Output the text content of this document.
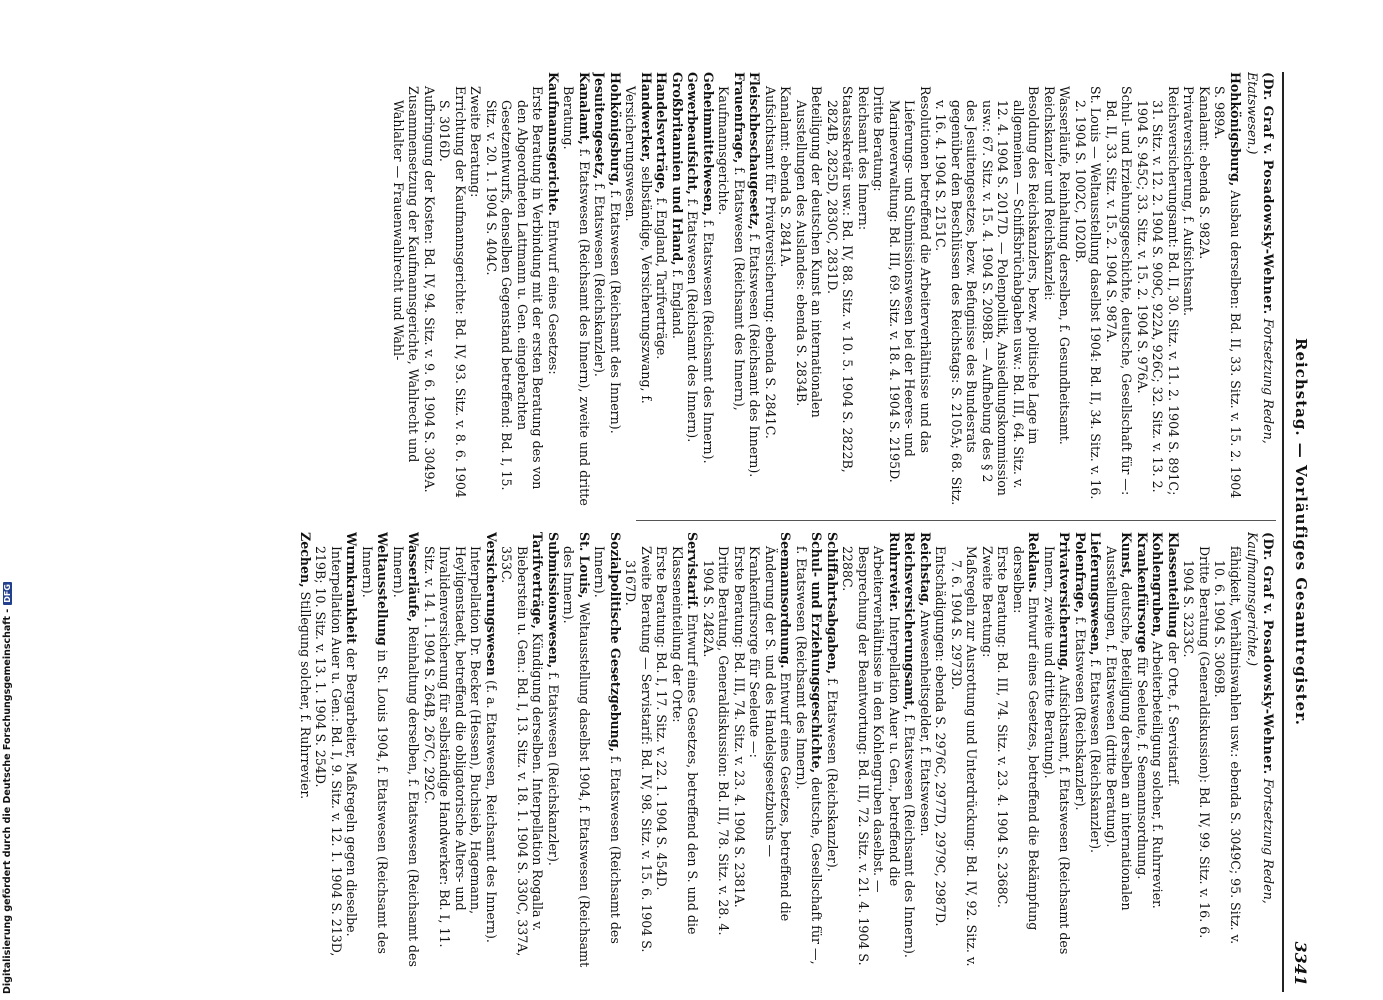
Reichstag. — Vorläufiges Gesamtregister.
3341

(Dr. Graf v. Posadowsky-Wehner. Fortsetzung Reden, Etatswesen.)

Hohkönigsburg, Ausbau derselben: Bd. II, 33. Sitz. v. 15. 2. 1904 S. 989A.

Kanalamt: ebenda S. 982A.

Privatversicherung, f. Aufsichtsamt.

Reichsversicherungsamt: Bd. II, 30. Sitz. v. 11. 2. 1904 S. 891C; 31. Sitz. v. 12. 2. 1904 S. 909C, 922A, 926C; 32. Sitz. v. 13. 2. 1904 S. 945C; 33. Sitz. v. 15. 2. 1904 S. 976A.

Schul- und Erziehungsgeschichte, deutsche, Gesellschaft für —: Bd. II, 33. Sitz. v. 15. 2. 1904 S. 987A.

St. Louis — Weltausstellung daselbst 1904: Bd. II, 34. Sitz. v. 16. 2. 1904 S. 1002C, 1020B.

Wasserläufe, Reinhaltung derselben, f. Gesundheitsamt.

Reichskanzler und Reichskanzlei:

Besoldung des Reichskanzlers, bezw. politische Lage im allgemeinen — Schiffsbrüchabgaben usw.: Bd. III, 64. Sitz. v. 12. 4. 1904 S. 2017D. — Polenpolitik, Ansiedlungskommission usw.: 67. Sitz. v. 15. 4. 1904 S. 2098B. — Aufhebung des § 2 des Jesuitengesetzes, bezw. Befugnisse des Bundesrats gegenüber den Beschlüssen des Reichstags: S. 2105A; 68. Sitz. v. 16. 4. 1904 S. 2151C.

Resolutionen betreffend die Arbeiterverhältnisse und das Lieferungs- und Submissionswesen bei der Heeres- und Marineverwaltung: Bd. III, 69. Sitz. v. 18. 4. 1904 S. 2195D.

Dritte Beratung:

Reichsamt des Innern:

Staatssekretär usw.: Bd. IV, 88. Sitz. v. 10. 5. 1904 S. 2822B, 2824B, 2825D, 2830C, 2831D.

Beteiligung der deutschen Kunst an internationalen Ausstellungen des Auslandes: ebenda S. 2834B.

Kanalamt: ebenda S. 2841A.

Aufsichtsamt für Privatversicherung: ebenda S. 2841C.

Fleischbeschaugesetz, f. Etatswesen (Reichsamt des Innern).

Frauenfrage, f. Etatswesen (Reichsamt des Innern), Kaufmannsgerichte.

Geheimmittelwesen, f. Etatswesen (Reichsamt des Innern).

Gewerbeaufsicht, f. Etatswesen (Reichsamt des Innern).

Großbritannien und Irland, f. England.

Handelsverträge, f. England, Tarifverträge.

Handwerker, selbständige, Versicherungszwang, f. Versicherungswesen.

Hohkönigsburg, f. Etatswesen (Reichsamt des Innern).

Jesuitengesetz, f. Etatswesen (Reichskanzler).

Kanalamt, f. Etatswesen (Reichsamt des Innern), zweite und dritte Beratung.

Kaufmannsgerichte. Entwurf eines Gesetzes:

Erste Beratung in Verbindung mit der ersten Beratung des von den Abgeordneten Lattmann u. Gen. eingebrachten Gesetzentwurfs, denselben Gegenstand betreffend: Bd. I, 15. Sitz. v. 20. 1. 1904 S. 404C.

Zweite Beratung:

Errichtung der Kaufmannsgerichte: Bd. IV, 93. Sitz. v. 8. 6. 1904 S. 3016D.

Aufbringung der Kosten: Bd. IV, 94. Sitz. v. 9. 6. 1904 S. 3049A.

Zusammensetzung der Kaufmannsgerichte, Wahlrecht und Wahlalter — Frauenwahlrecht und Wahl-

(Dr. Graf v. Posadowsky-Wehner. Fortsetzung Reden, Kaufmannsgerichte.)

fähigkeit, Verhältniswahlen usw.: ebenda S. 3049C; 95. Sitz. v. 10. 6. 1904 S. 3069B.

Dritte Beratung (Generaldiskussion): Bd. IV, 99. Sitz. v. 16. 6. 1904 S. 3233C.

Klassenteilung der Orte, f. Servistarif.

Kohlengruben, Arbeiterbeteiligung solcher, f. Ruhrrevier.

Krankenfürsorge für Seeleute, f. Seemannsordnung.

Kunst, deutsche, Beteiligung derselben an internationalen Ausstellungen, f. Etatswesen (dritte Beratung).

Lieferungswesen, f. Etatswesen (Reichskanzler).

Polenfrage, f. Etatswesen (Reichskanzler).

Privatversicherung, Aufsichtsamt, f. Etatswesen (Reichsamt des Innern, zweite und dritte Beratung).

Reklaus. Entwurf eines Gesetzes, betreffend die Bekämpfung derselben:

Erste Beratung: Bd. III, 74. Sitz. v. 23. 4. 1904 S. 2368C.

Zweite Beratung:

Maßregeln zur Ausrottung und Unterdrückung: Bd. IV, 92. Sitz. v. 7. 6. 1904 S. 2973D.

Entschädigungen: ebenda S. 2976C, 2977D, 2979C, 2987D.

Reichstag, Anwesenheitsgelder, f. Etatswesen.

Reichsversicherungsamt, f. Etatswesen (Reichsamt des Innern).

Ruhrrevier. Interpellation Auer u. Gen., betreffend die Arbeiterverhältnisse in den Kohlengruben daselbst. — Besprechung der Beantwortung: Bd. III, 72. Sitz. v. 21. 4. 1904 S. 2288C.

Schiffahrtsabgaben, f. Etatswesen (Reichskanzler).

Schul- und Erziehungsgeschichte, deutsche, Gesellschaft für —, f. Etatswesen (Reichsamt des Innern).

Seemannsordnung. Entwurf eines Gesetzes, betreffend die Änderung der S. und des Handelsgesetzbuchs — Krankenfürsorge für Seeleute —:

Erste Beratung: Bd. III, 74. Sitz. v. 23. 4. 1904 S. 2381A.

Dritte Beratung, Generaldiskussion: Bd. III, 78. Sitz. v. 28. 4. 1904 S. 2482A.

Servistarif. Entwurf eines Gesetzes, betreffend den S. und die Klasseneinteilung der Orte:

Erste Beratung: Bd. I, 17. Sitz. v. 22. 1. 1904 S. 454D.

Zweite Beratung — Servistarif: Bd. IV, 98. Sitz. v. 15. 6. 1904 S. 3167D.

Sozialpolitische Gesetzgebung, f. Etatswesen (Reichsamt des Innern).

St. Louis, Weltausstellung daselbst 1904, f. Etatswesen (Reichsamt des Innern).

Submissionswesen, f. Etatswesen (Reichskanzler).

Tarifverträge, Kündigung derselben. Interpellation Rogalla v. Bieberstein u. Gen.: Bd. I, 13. Sitz. v. 18. 1. 1904 S. 330C, 337A, 353C.

Versicherungswesen (f. a. Etatswesen, Reichsamt des Innern). Interpellation Dr. Becker (Hessen), Buchsieb, Hagemann, Heyligenstaedt, betreffend die obligatorische Alters- und Invalidenversicherung für selbständige Handwerker: Bd. I, 11. Sitz. v. 14. 1. 1904 S. 264B, 267C, 292C.

Wasserläufe, Reinhaltung derselben, f. Etatswesen (Reichsamt des Innern).

Weltausstellung in St. Louis 1904, f. Etatswesen (Reichsamt des Innern).

Wurmkrankheit der Bergarbeiter, Maßregeln gegen dieselbe. Interpellation Auer u. Gen.: Bd. I, 9. Sitz. v. 12. 1. 1904 S. 213D, 219B; 10. Sitz. v. 13. 1. 1904 S. 254D.

Zechen, Stillegung solcher, f. Ruhrrevier.

Digitalisierung gefördert durch die Deutsche Forschungsgemeinschaft -DFG
